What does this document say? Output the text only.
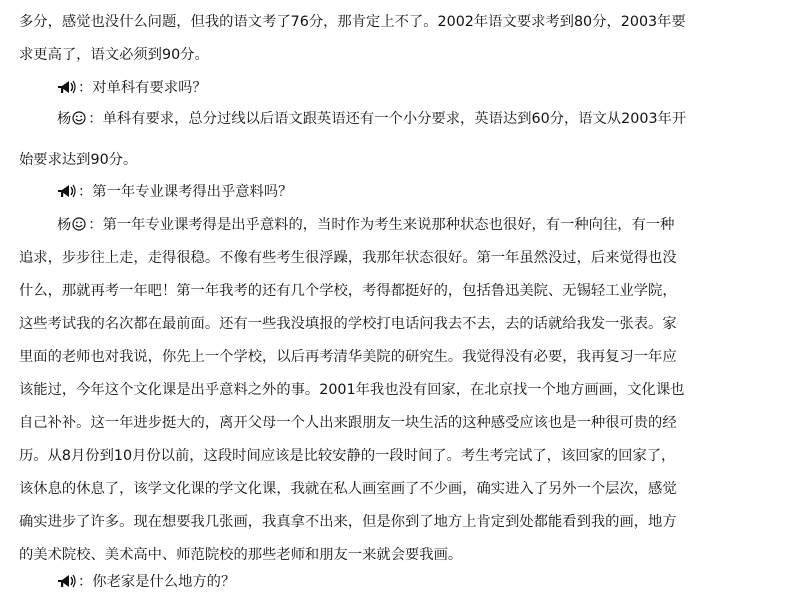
多分，感觉也没什么问题，但我的语文考了76分，那肯定上不了。2002年语文要求考到80分，2003年要
求更高了，语文必须到90分。
：对单科有要求吗？
杨 ：单科有要求，总分过线以后语文跟英语还有一个小分要求，英语达到60分，语文从2003年开
始要求达到90分。
：第一年专业课考得出乎意料吗？
杨 ：第一年专业课考得是出乎意料的，当时作为考生来说那种状态也很好，有一种向往，有一种
追求，步步往上走，走得很稳。不像有些考生很浮躁，我那年状态很好。第一年虽然没过，后来觉得也没
什么，那就再考一年吧！第一年我考的还有几个学校，考得都挺好的，包括鲁迅美院、无锡轻工业学院，
这些考试我的名次都在最前面。还有一些我没填报的学校打电话问我去不去，去的话就给我发一张表。家
里面的老师也对我说，你先上一个学校，以后再考清华美院的研究生。我觉得没有必要，我再复习一年应
该能过，今年这个文化课是出乎意料之外的事。2001年我也没有回家，在北京找一个地方画画，文化课也
自己补补。这一年进步挺大的，离开父母一个人出来跟朋友一块生活的这种感受应该也是一种很可贵的经
历。从8月份到10月份以前，这段时间应该是比较安静的一段时间了。考生考完试了，该回家的回家了，
该休息的休息了，该学文化课的学文化课，我就在私人画室画了不少画，确实进入了另外一个层次，感觉
确实进步了许多。现在想要我几张画，我真拿不出来，但是你到了地方上肯定到处都能看到我的画，地方
的美术院校、美术高中、师范院校的那些老师和朋友一来就会要我画。
：你老家是什么地方的？
